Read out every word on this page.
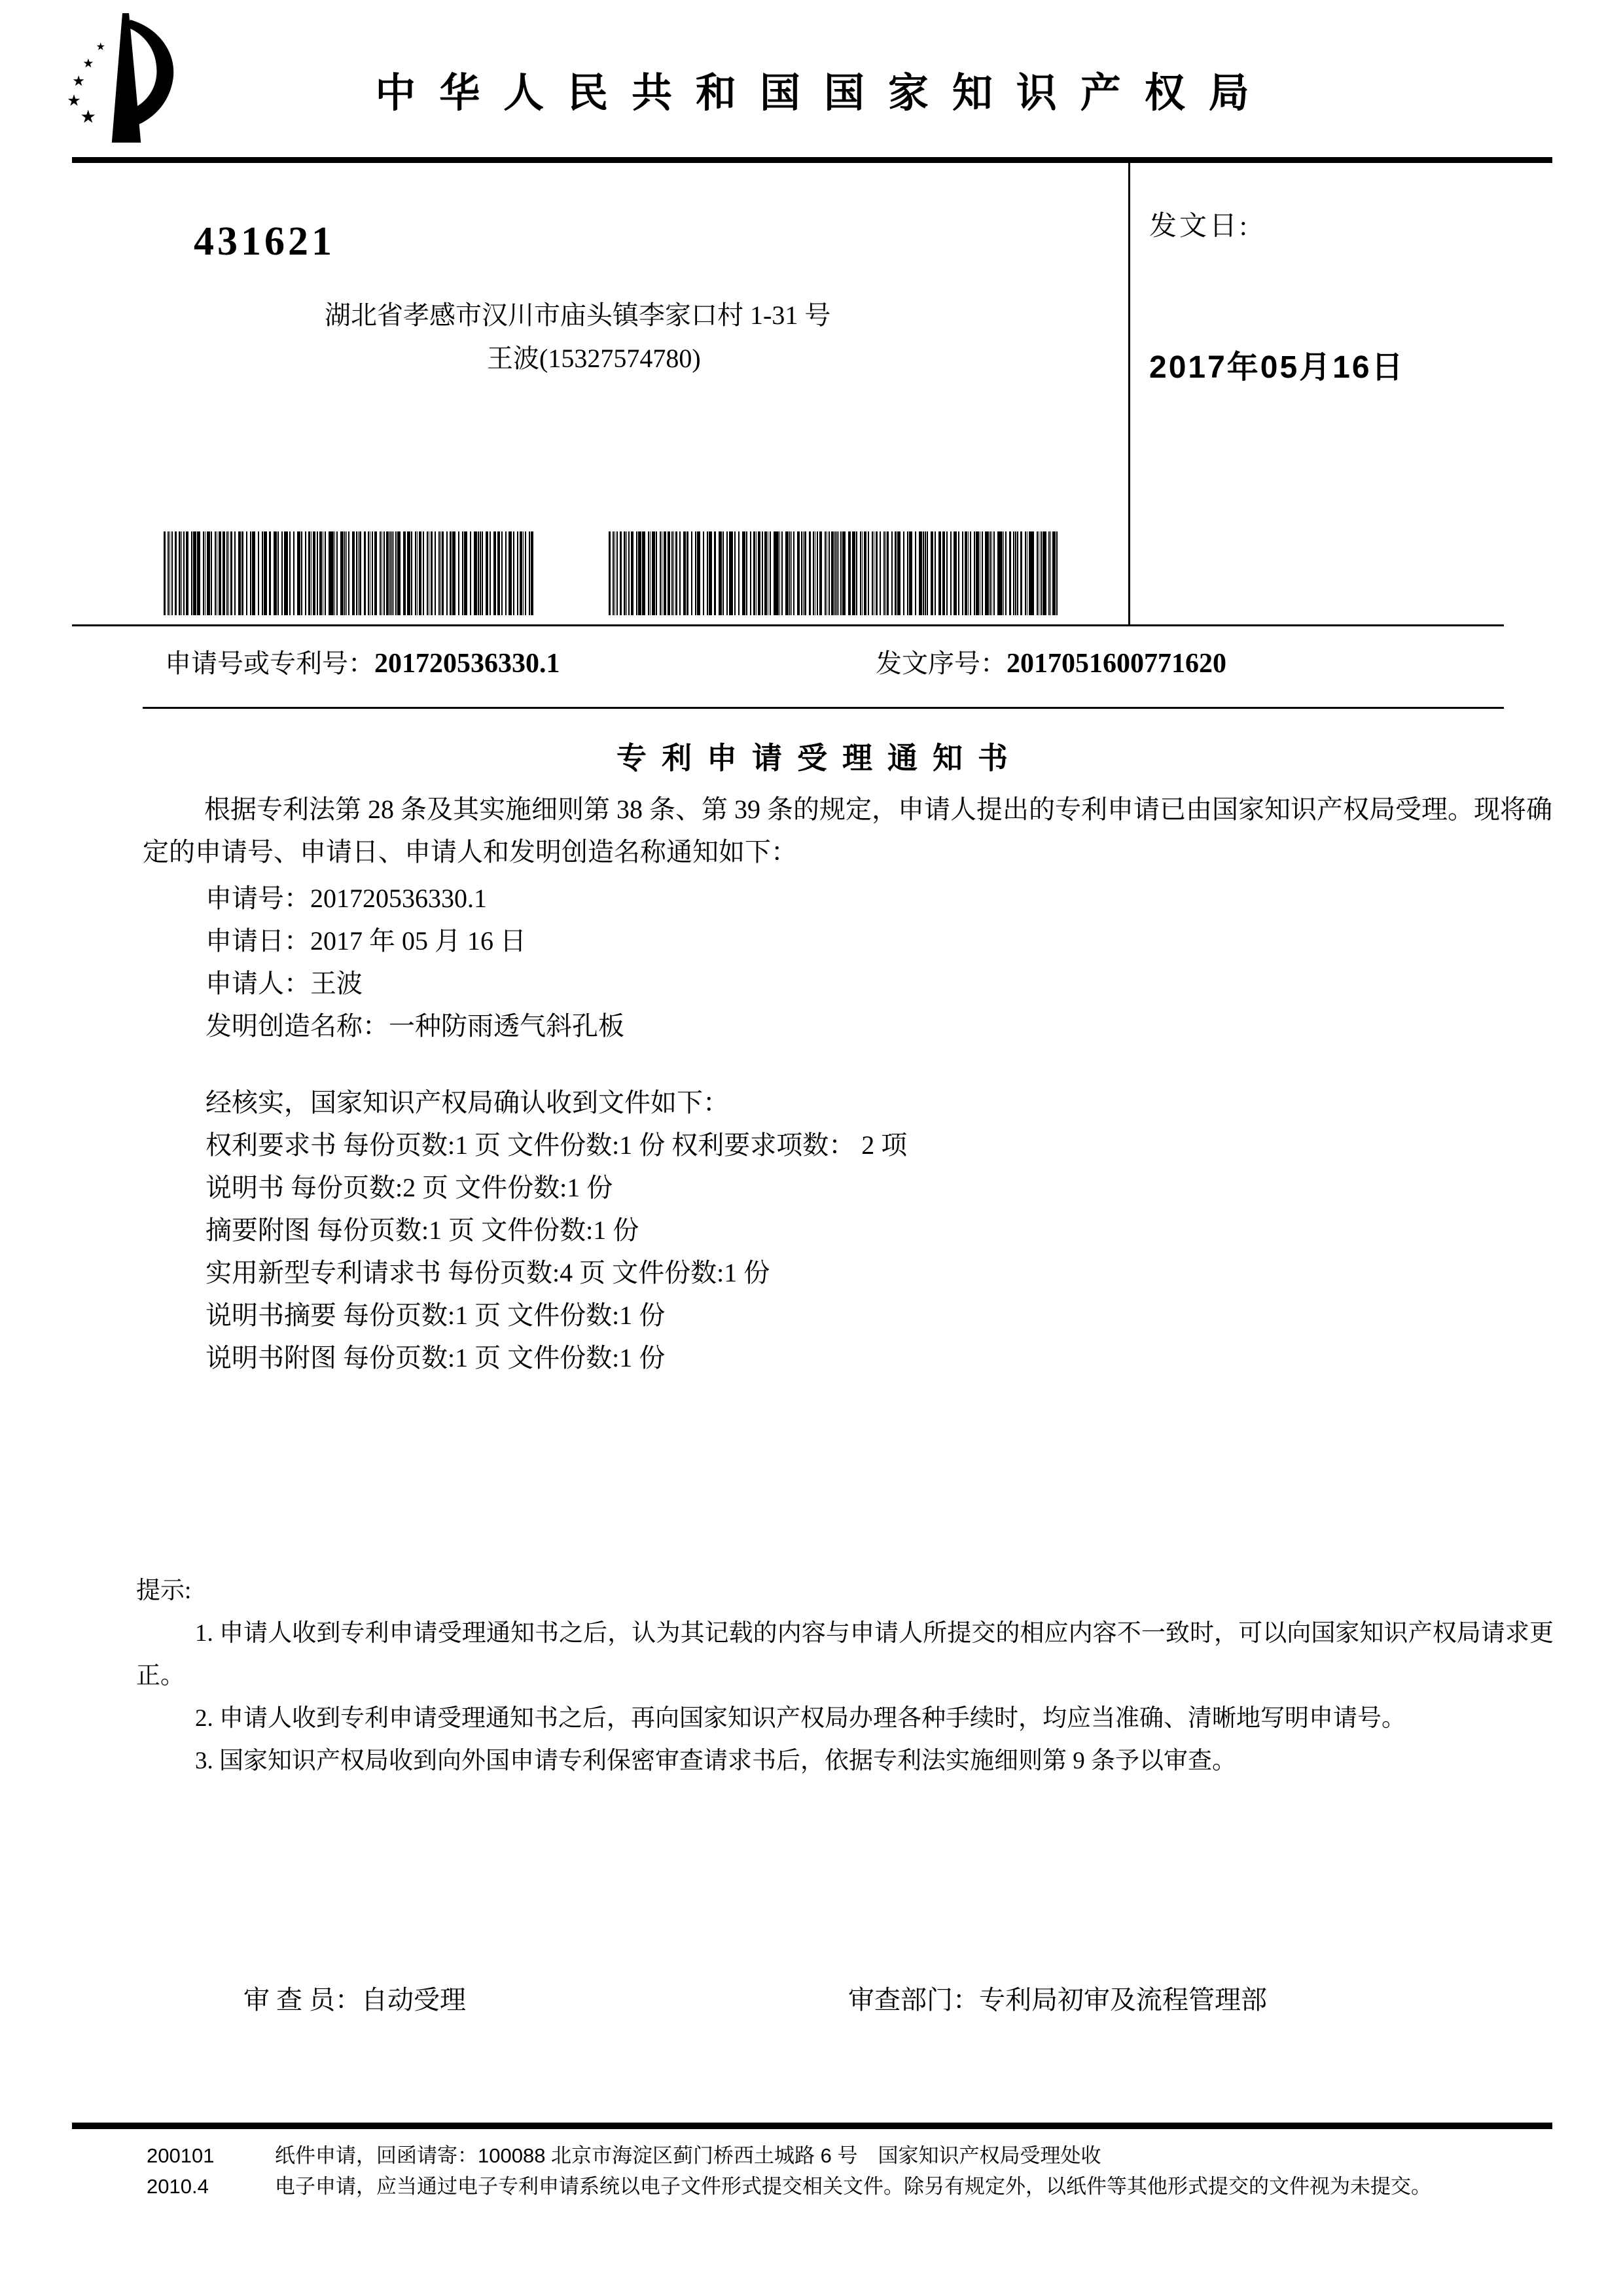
★
★
★
★
★
中华人民共和国国家知识产权局
431621
湖北省孝感市汉川市庙头镇李家口村 1-31 号
王波(15327574780)
发文日:
2017年05月16日
申请号或专利号：201720536330.1	发文序号：2017051600771620
专利申请受理通知书
根据专利法第 28 条及其实施细则第 38 条、第 39 条的规定，申请人提出的专利申请已由国家知识产权局受理。现将确定的申请号、申请日、申请人和发明创造名称通知如下：

申请号：201720536330.1

申请日：2017 年 05 月 16 日

申请人：王波

发明创造名称：一种防雨透气斜孔板

经核实，国家知识产权局确认收到文件如下：

权利要求书 每份页数:1 页 文件份数:1 份 权利要求项数： 2 项

说明书 每份页数:2 页 文件份数:1 份

摘要附图 每份页数:1 页 文件份数:1 份

实用新型专利请求书 每份页数:4 页 文件份数:1 份

说明书摘要 每份页数:1 页 文件份数:1 份

说明书附图 每份页数:1 页 文件份数:1 份

提示:

1. 申请人收到专利申请受理通知书之后，认为其记载的内容与申请人所提交的相应内容不一致时，可以向国家知识产权局请求更正。

2. 申请人收到专利申请受理通知书之后，再向国家知识产权局办理各种手续时，均应当准确、清晰地写明申请号。

3. 国家知识产权局收到向外国申请专利保密审查请求书后，依据专利法实施细则第 9 条予以审查。

审 查 员：自动受理	审查部门：专利局初审及流程管理部
200101	纸件申请，回函请寄：100088 北京市海淀区蓟门桥西土城路 6 号　国家知识产权局受理处收
2010.4	电子申请，应当通过电子专利申请系统以电子文件形式提交相关文件。除另有规定外，以纸件等其他形式提交的文件视为未提交。
